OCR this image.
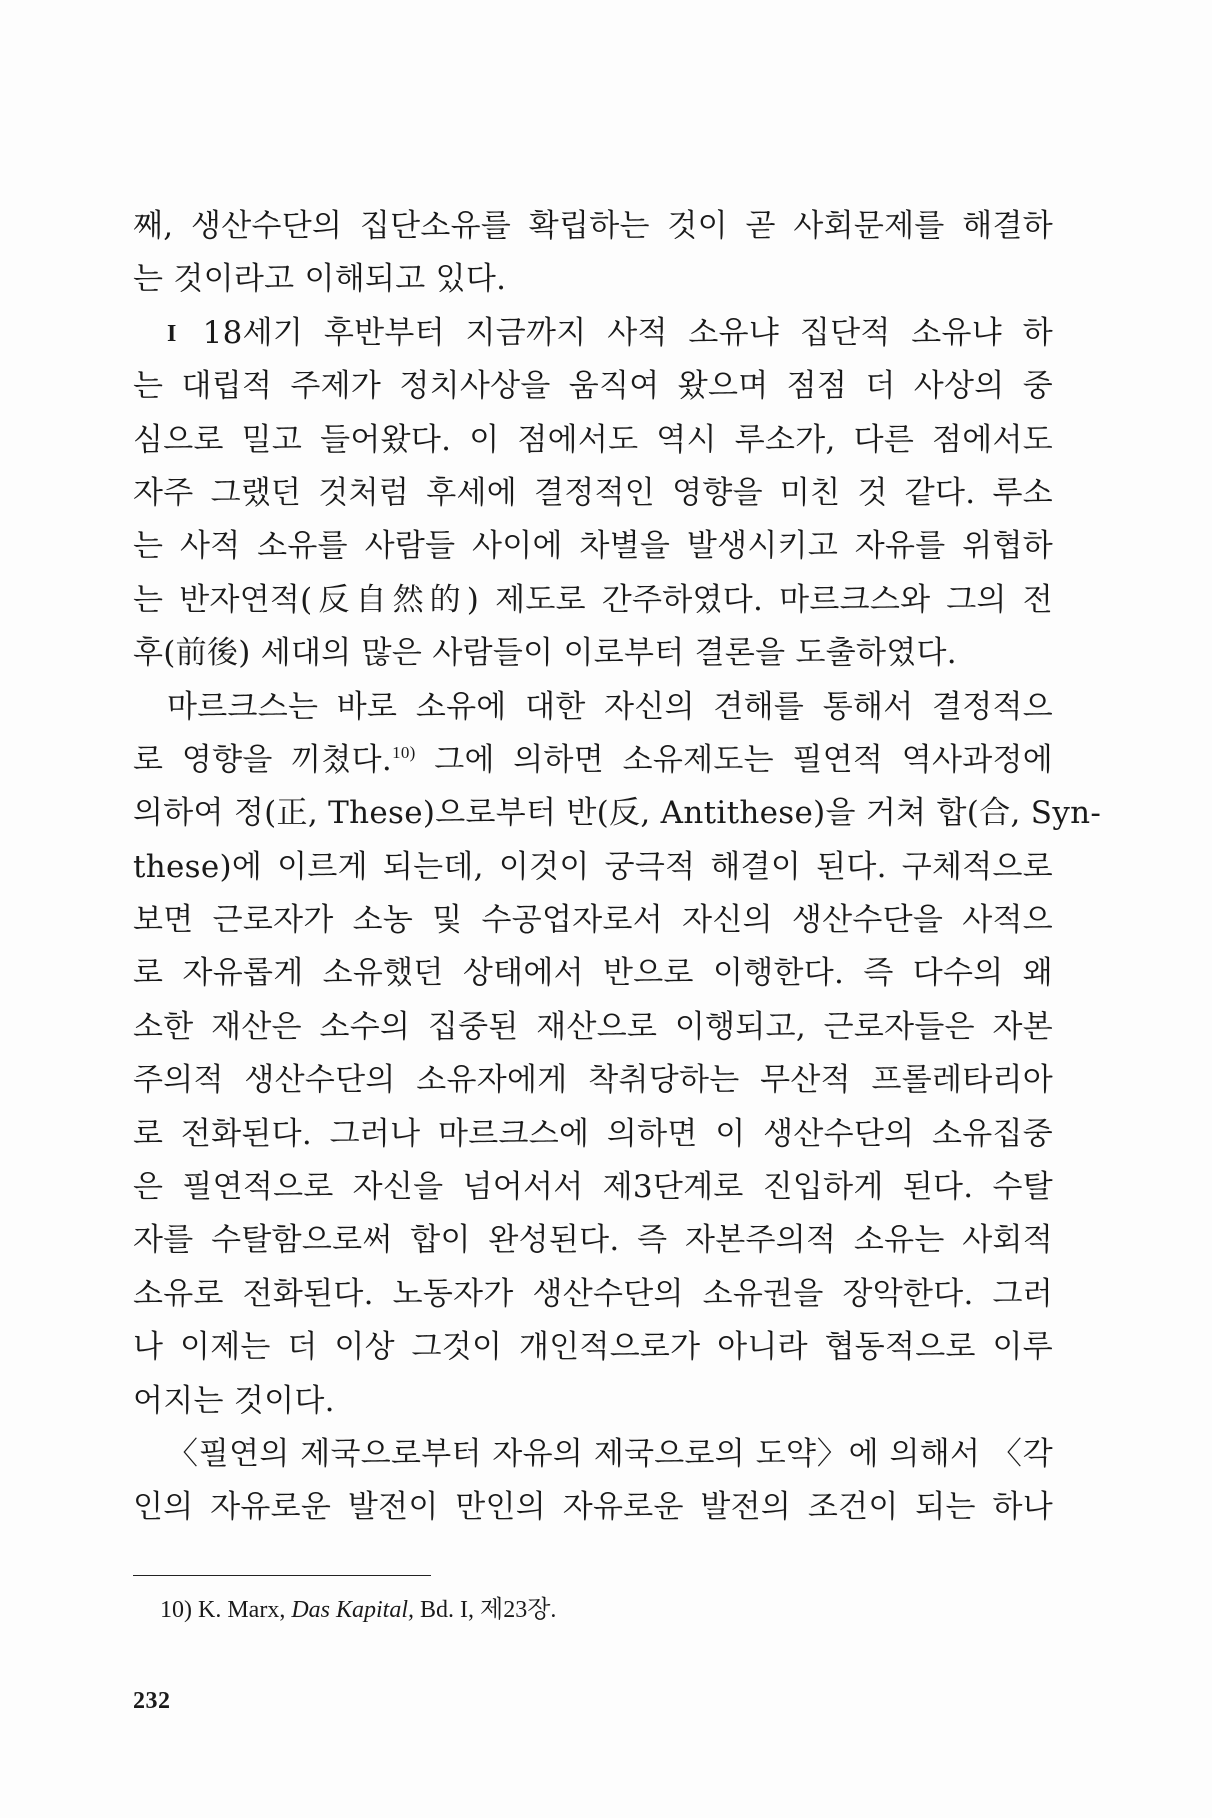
째, 생산수단의 집단소유를 확립하는 것이 곧 사회문제를 해결하
는 것이라고 이해되고 있다.
I 18세기 후반부터 지금까지 사적 소유냐 집단적 소유냐 하
는 대립적 주제가 정치사상을 움직여 왔으며 점점 더 사상의 중
심으로 밀고 들어왔다. 이 점에서도 역시 루소가, 다른 점에서도
자주 그랬던 것처럼 후세에 결정적인 영향을 미친 것 같다. 루소
는 사적 소유를 사람들 사이에 차별을 발생시키고 자유를 위협하
는 반자연적(反自然的) 제도로 간주하였다. 마르크스와 그의 전
후(前後) 세대의 많은 사람들이 이로부터 결론을 도출하였다.
마르크스는 바로 소유에 대한 자신의 견해를 통해서 결정적으
로 영향을 끼쳤다.$^{10)}$ 그에 의하면 소유제도는 필연적 역사과정에
의하여 정(正, These)으로부터 반(反, Antithese)을 거쳐 합(合, Syn-
these)에 이르게 되는데, 이것이 궁극적 해결이 된다. 구체적으로
보면 근로자가 소농 및 수공업자로서 자신의 생산수단을 사적으
로 자유롭게 소유했던 상태에서 반으로 이행한다. 즉 다수의 왜
소한 재산은 소수의 집중된 재산으로 이행되고, 근로자들은 자본
주의적 생산수단의 소유자에게 착취당하는 무산적 프롤레타리아
로 전화된다. 그러나 마르크스에 의하면 이 생산수단의 소유집중
은 필연적으로 자신을 넘어서서 제3단계로 진입하게 된다. 수탈
자를 수탈함으로써 합이 완성된다. 즉 자본주의적 소유는 사회적
소유로 전화된다. 노동자가 생산수단의 소유권을 장악한다. 그러
나 이제는 더 이상 그것이 개인적으로가 아니라 협동적으로 이루
어지는 것이다.
〈필연의 제국으로부터 자유의 제국으로의 도약〉에 의해서 〈각
인의 자유로운 발전이 만인의 자유로운 발전의 조건이 되는 하나
10) K. Marx, Das Kapital, Bd. I, 제23장.
232
